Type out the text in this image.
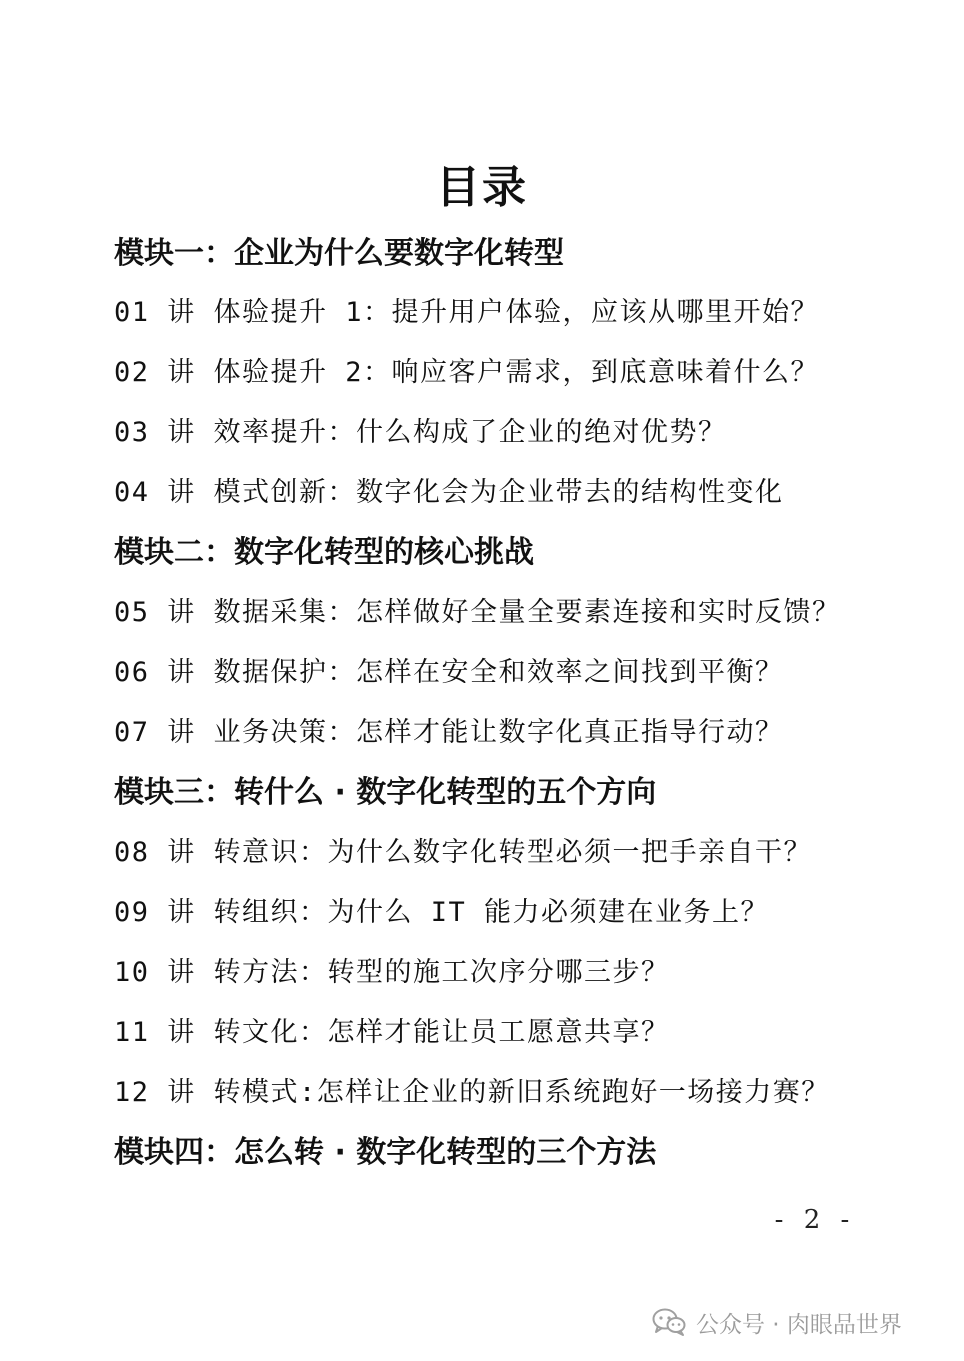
目录
模块一：企业为什么要数字化转型
01 讲 体验提升 1：提升用户体验，应该从哪里开始？
02 讲 体验提升 2：响应客户需求，到底意味着什么？
03 讲 效率提升：什么构成了企业的绝对优势？
04 讲 模式创新：数字化会为企业带去的结构性变化
模块二：数字化转型的核心挑战
05 讲 数据采集：怎样做好全量全要素连接和实时反馈？
06 讲 数据保护：怎样在安全和效率之间找到平衡？
07 讲 业务决策：怎样才能让数字化真正指导行动？
模块三：转什么 · 数字化转型的五个方向
08 讲 转意识：为什么数字化转型必须一把手亲自干？
09 讲 转组织：为什么 IT 能力必须建在业务上？
10 讲 转方法：转型的施工次序分哪三步？
11 讲 转文化：怎样才能让员工愿意共享？
12 讲 转模式:怎样让企业的新旧系统跑好一场接力赛？
模块四：怎么转 · 数字化转型的三个方法
- 2 -
公众号 · 肉眼品世界
